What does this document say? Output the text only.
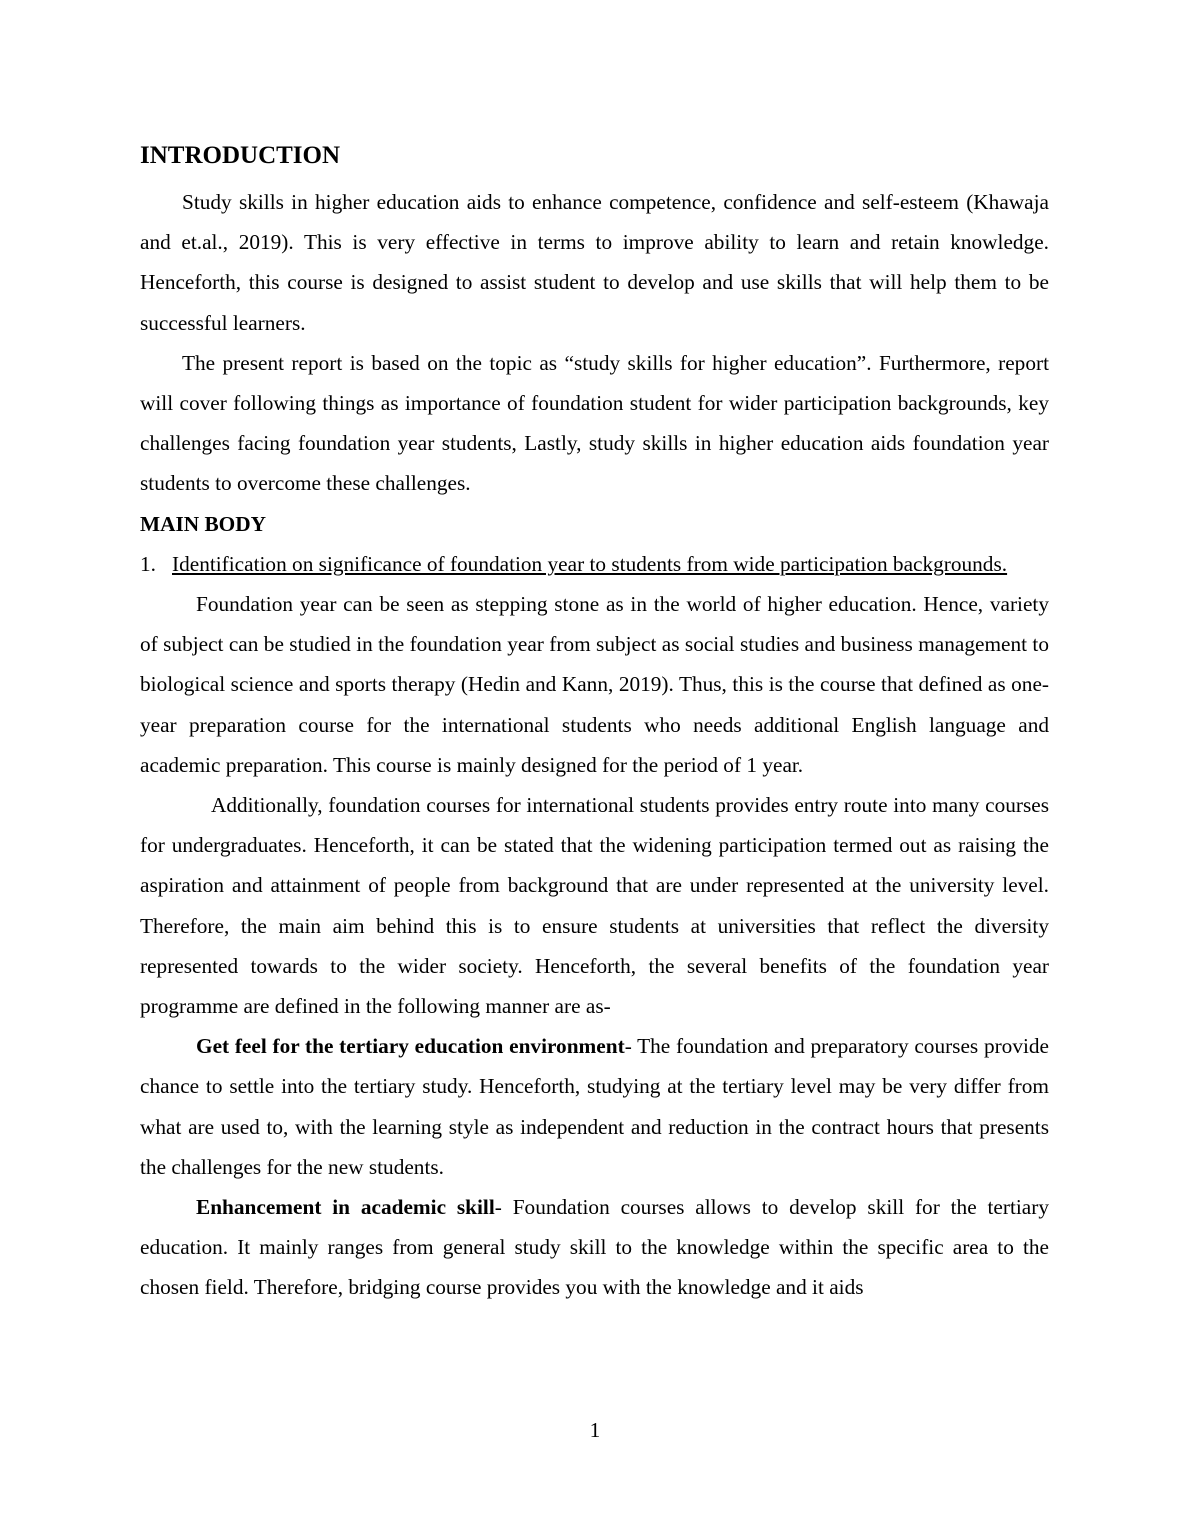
INTRODUCTION

Study skills in higher education aids to enhance competence, confidence and self-esteem (Khawaja and et.al., 2019). This is very effective in terms to improve ability to learn and retain knowledge. Henceforth, this course is designed to assist student to develop and use skills that will help them to be successful learners.

The present report is based on the topic as “study skills for higher education”. Furthermore, report will cover following things as importance of foundation student for wider participation backgrounds, key challenges facing foundation year students, Lastly, study skills in higher education aids foundation year students to overcome these challenges.

MAIN BODY

1. Identification on significance of foundation year to students from wide participation backgrounds.

Foundation year can be seen as stepping stone as in the world of higher education. Hence, variety of subject can be studied in the foundation year from subject as social studies and business management to biological science and sports therapy (Hedin and Kann, 2019). Thus, this is the course that defined as one-year preparation course for the international students who needs additional English language and academic preparation. This course is mainly designed for the period of 1 year.

Additionally, foundation courses for international students provides entry route into many courses for undergraduates. Henceforth, it can be stated that the widening participation termed out as raising the aspiration and attainment of people from background that are under represented at the university level. Therefore, the main aim behind this is to ensure students at universities that reflect the diversity represented towards to the wider society. Henceforth, the several benefits of the foundation year programme are defined in the following manner are as-

Get feel for the tertiary education environment- The foundation and preparatory courses provide chance to settle into the tertiary study. Henceforth, studying at the tertiary level may be very differ from what are used to, with the learning style as independent and reduction in the contract hours that presents the challenges for the new students.

Enhancement in academic skill- Foundation courses allows to develop skill for the tertiary education. It mainly ranges from general study skill to the knowledge within the specific area to the chosen field. Therefore, bridging course provides you with the knowledge and it aids

1
